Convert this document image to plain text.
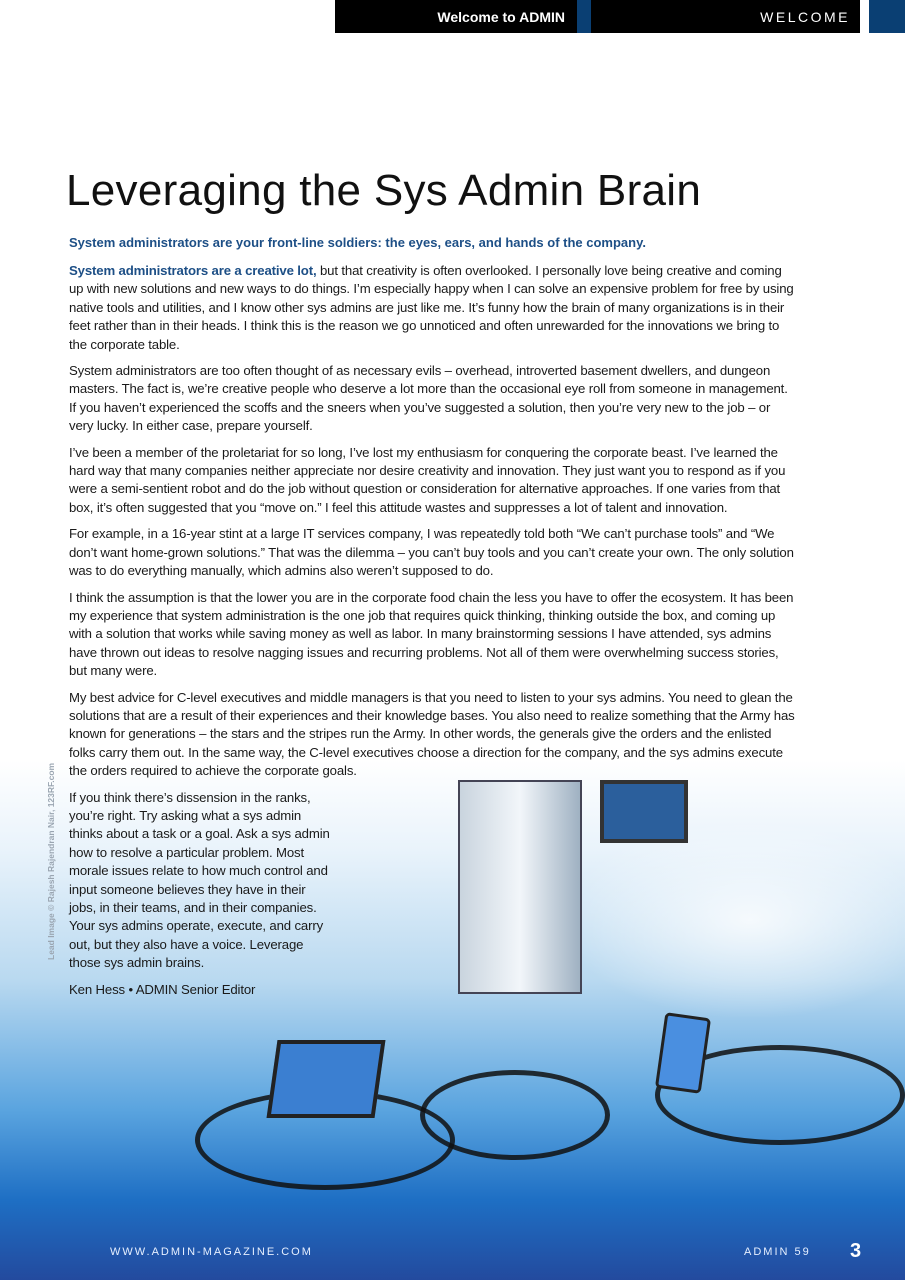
Welcome to ADMIN	WELCOME
Leveraging the Sys Admin Brain
System administrators are your front-line soldiers: the eyes, ears, and hands of the company.

System administrators are a creative lot, but that creativity is often overlooked. I personally love being creative and coming up with new solutions and new ways to do things. I’m especially happy when I can solve an expensive problem for free by using native tools and utilities, and I know other sys admins are just like me. It’s funny how the brain of many organizations is in their feet rather than in their heads. I think this is the reason we go unnoticed and often unrewarded for the innovations we bring to the corporate table.

System administrators are too often thought of as necessary evils – overhead, introverted basement dwellers, and dungeon masters. The fact is, we’re creative people who deserve a lot more than the occasional eye roll from someone in management. If you haven’t experienced the scoffs and the sneers when you’ve suggested a solution, then you’re very new to the job – or very lucky. In either case, prepare yourself.

I’ve been a member of the proletariat for so long, I’ve lost my enthusiasm for conquering the corporate beast. I’ve learned the hard way that many companies neither appreciate nor desire creativity and innovation. They just want you to respond as if you were a semi-sentient robot and do the job without question or consideration for alternative approaches. If one varies from that box, it’s often suggested that you “move on.” I feel this attitude wastes and suppresses a lot of talent and innovation.

For example, in a 16-year stint at a large IT services company, I was repeatedly told both “We can’t purchase tools” and “We don’t want home-grown solutions.” That was the dilemma – you can’t buy tools and you can’t create your own. The only solution was to do everything manually, which admins also weren’t supposed to do.

I think the assumption is that the lower you are in the corporate food chain the less you have to offer the ecosystem. It has been my experience that system administration is the one job that requires quick thinking, thinking outside the box, and coming up with a solution that works while saving money as well as labor. In many brainstorming sessions I have attended, sys admins have thrown out ideas to resolve nagging issues and recurring problems. Not all of them were overwhelming success stories, but many were.

My best advice for C-level executives and middle managers is that you need to listen to your sys admins. You need to glean the solutions that are a result of their experiences and their knowledge bases. You also need to realize something that the Army has known for generations – the stars and the stripes run the Army. In other words, the generals give the orders and the enlisted folks carry them out. In the same way, the C-level executives choose a direction for the company, and the sys admins execute the orders required to achieve the corporate goals.

If you think there’s dissension in the ranks, you’re right. Try asking what a sys admin thinks about a task or a goal. Ask a sys admin how to resolve a particular problem. Most morale issues relate to how much control and input someone believes they have in their jobs, in their teams, and in their companies. Your sys admins operate, execute, and carry out, but they also have a voice. Leverage those sys admin brains.

Ken Hess • ADMIN Senior Editor

Lead Image © Rajesh Rajendran Nair, 123RF.com
WWW.ADMIN-MAGAZINE.COM	ADMIN 59 3
